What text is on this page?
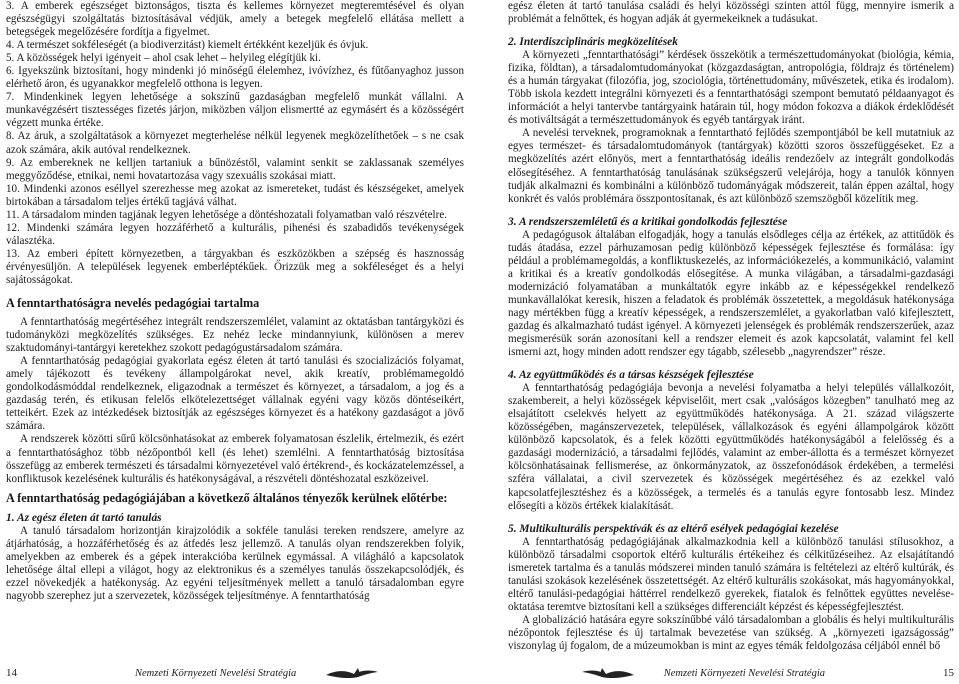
3. A emberek egészséget biztonságos, tiszta és kellemes környezet megteremtésével és olyan egészségügyi szolgáltatás biztosításával védjük, amely a betegek megfelelő ellátása mellett a betegségek megelőzésére fordítja a figyelmet.

4. A természet sokféleségét (a biodiverzitást) kiemelt értékként kezeljük és óvjuk.

5. A közösségek helyi igényeit – ahol csak lehet – helyileg elégítjük ki.

6. Igyekszünk biztosítani, hogy mindenki jó minőségű élelemhez, ivóvízhez, és fűtőanyaghoz jusson elérhető áron, és ugyanakkor megfelelő otthona is legyen.

7. Mindenkinek legyen lehetősége a sokszínű gazdaságban megfelelő munkát vállalni. A munkavégzésért tisztességes fizetés járjon, miközben váljon elismertté az egymásért és a közösségért végzett munka értéke.

8. Az áruk, a szolgáltatások a környezet megterhelése nélkül legyenek megközelíthetőek – s ne csak azok számára, akik autóval rendelkeznek.

9. Az embereknek ne kelljen tartaniuk a bűnözéstől, valamint senkit se zaklassanak személyes meggyőződése, etnikai, nemi hovatartozása vagy szexuális szokásai miatt.

10. Mindenki azonos eséllyel szerezhesse meg azokat az ismereteket, tudást és készségeket, amelyek birtokában a társadalom teljes értékű tagjává válhat.

11. A társadalom minden tagjának legyen lehetősége a döntéshozatali folyamatban való részvételre.

12. Mindenki számára legyen hozzáférhető a kulturális, pihenési és szabadidős tevékenységek választéka.

13. Az emberi épített környezetben, a tárgyakban és eszközökben a szépség és hasznosság érvényesüljön. A települések legyenek emberléptékűek. Őrizzük meg a sokféleséget és a helyi sajátosságokat.

A fenntarthatóságra nevelés pedagógiai tartalma

A fenntarthatóság megértéséhez integrált rendszerszemlélet, valamint az oktatásban tantárgyközi és tudományközi megközelítés szükséges. Ez nehéz lecke mindannyiunk, különösen a merev szaktudományi-tantárgyi keretekhez szokott pedagógustársadalom számára.

A fenntarthatóság pedagógiai gyakorlata egész életen át tartó tanulási és szocializációs folyamat, amely tájékozott és tevékeny állampolgárokat nevel, akik kreatív, problémamegoldó gondolkodásmóddal rendelkeznek, eligazodnak a természet és környezet, a társadalom, a jog és a gazdaság terén, és etikusan felelős elkötelezettséget vállalnak egyéni vagy közös döntéseikért, tetteikért. Ezek az intézkedések biztosítják az egészséges környezet és a hatékony gazdaságot a jövő számára.

A rendszerek közötti sűrű kölcsönhatásokat az emberek folyamatosan észlelik, értelmezik, és ezért a fenntarthatósághoz több nézőpontból kell (és lehet) szemlélni. A fenntarthatóság biztosítása összefügg az emberek természeti és társadalmi környezetével való értékrend-, és kockázatelemzéssel, a konfliktusok kezelésének kulturális és hatékonyságával, a részvételi döntéshozatal eszközeivel.

A fenntarthatóság pedagógiájában a következő általános tényezők kerülnek előtérbe:
1. Az egész életen át tartó tanulás

A tanuló társadalom horizontján kirajzolódik a sokféle tanulási tereken rendszere, amelyre az átjárhatóság, a hozzáférhetőség és az átfedés lesz jellemző. A tanulás olyan rendszerekben folyik, amelyekben az emberek és a gépek interakcióba kerülnek egymással. A világháló a kapcsolatok lehetősége által ellepi a világot, hogy az elektronikus és a személyes tanulás összekapcsolódjék, és ezzel növekedjék a hatékonyság. Az egyéni teljesítmények mellett a tanuló társadalomban egyre nagyobb szerephez jut a szervezetek, közösségek teljesítménye. A fenntarthatóság

egész életen át tartó tanulása családi és helyi közösségi szinten attól függ, mennyire ismerik a problémát a felnőttek, és hogyan adják át gyermekeiknek a tudásukat.

2. Interdiszciplináris megközelítések

A környezeti „fenntarthatósági” kérdések összekötik a természettudományokat (biológia, kémia, fizika, földtan), a társadalomtudományokat (közgazdaságtan, antropológia, földrajz és történelem) és a humán tárgyakat (filozófia, jog, szociológia, történettudomány, művészetek, etika és irodalom). Több iskola kezdett integrálni környezeti és a fenntarthatósági szempont bemutató példaanyagot és információt a helyi tantervbe tantárgyaink határain túl, hogy módon fokozva a diákok érdeklődését és motiváltságát a természettudományok és egyéb tantárgyak iránt.

A nevelési terveknek, programoknak a fenntartható fejlődés szempontjából be kell mutatniuk az egyes természet- és társadalomtudományok (tantárgyak) közötti szoros összefüggéseket. Ez a megközelítés azért előnyös, mert a fenntarthatóság ideális rendezőelv az integrált gondolkodás elősegítéséhez. A fenntarthatóság tanulásának szükségszerű velejárója, hogy a tanulók könnyen tudják alkalmazni és kombinálni a különböző tudományágak módszereit, talán éppen azáltal, hogy konkrét és valós problémára összpontosítanak, és azt különböző szemszögből közelítik meg.

3. A rendszerszemléletű és a kritikai gondolkodás fejlesztése

A pedagógusok általában elfogadják, hogy a tanulás elsődleges célja az értékek, az attitűdök és tudás átadása, ezzel párhuzamosan pedig különböző képességek fejlesztése és formálása: így például a problémamegoldás, a konfliktuskezelés, az információkezelés, a kommunikáció, valamint a kritikai és a kreatív gondolkodás elősegítése. A munka világában, a társadalmi-gazdasági modernizáció folyamatában a munkáltatók egyre inkább az e képességekkel rendelkező munkavállalókat keresik, hiszen a feladatok és problémák összetettek, a megoldásuk hatékonysága nagy mértékben függ a kreatív képességek, a rendszerszemlélet, a gyakorlatban való kifejlesztett, gazdag és alkalmazható tudást igényel. A környezeti jelenségek és problémák rendszerszerűek, azaz megismerésük során azonosítani kell a rendszer elemeit és azok kapcsolatát, valamint fel kell ismerni azt, hogy minden adott rendszer egy tágabb, szélesebb „nagyrendszer” része.

4. Az együttműködés és a társas készségek fejlesztése

A fenntarthatóság pedagógiája bevonja a nevelési folyamatba a helyi település vállalkozóit, szakembereit, a helyi közösségek képviselőit, mert csak „valóságos közegben” tanulható meg az elsajátított cselekvés helyett az együttműködés hatékonysága. A 21. század világszerte közösségében, magánszervezetek, települések, vállalkozások és egyéni állampolgárok között különböző kapcsolatok, és a felek közötti együttműködés hatékonyságából a felelősség és a gazdasági modernizáció, a társadalmi fejlődés, valamint az ember-állotta és a természet környezet kölcsönhatásainak fellismerése, az önkormányzatok, az összefonódások érdekében, a termelési szféra vállalatai, a civil szervezetek és közösségek megértéséhez és az ezekkel való kapcsolatfejlesztéshez és a közösségek, a termelés és a tanulás egyre fontosabb lesz. Mindez elősegíti a közös értékek kialakítását.

5. Multikulturális perspektívák és az eltérő esélyek pedagógiai kezelése

A fenntarthatóság pedagógiájának alkalmazkodnia kell a különböző tanulási stílusokhoz, a különböző társadalmi csoportok eltérő kulturális értékeihez és célkitűzéseihez. Az elsajátítandó ismeretek tartalma és a tanulás módszerei minden tanuló számára is feltételezi az eltérő kultúrák, és tanulási szokások kezelésének összetettségét. Az eltérő kulturális szokásokat, más hagyományokkal, eltérő tanulási-pedagógiai háttérrel rendelkező gyerekek, fiatalok és felnőttek együttes nevelése-oktatása teremtve biztosítani kell a szükséges differenciált képzést és képességfejlesztést.

A globalizáció hatására egyre sokszínűbbé váló társadalomban a globális és helyi multikulturális nézőpontok fejlesztése és új tartalmak bevezetése van szükség. A „környezeti igazságosság” viszonylag új fogalom, de a múzeumokban is mint az egyes témák feldolgozása céljából ennél bő

14	Nemzeti Környezeti Nevelési Stratégia	Nemzeti Környezeti Nevelési Stratégia	15
